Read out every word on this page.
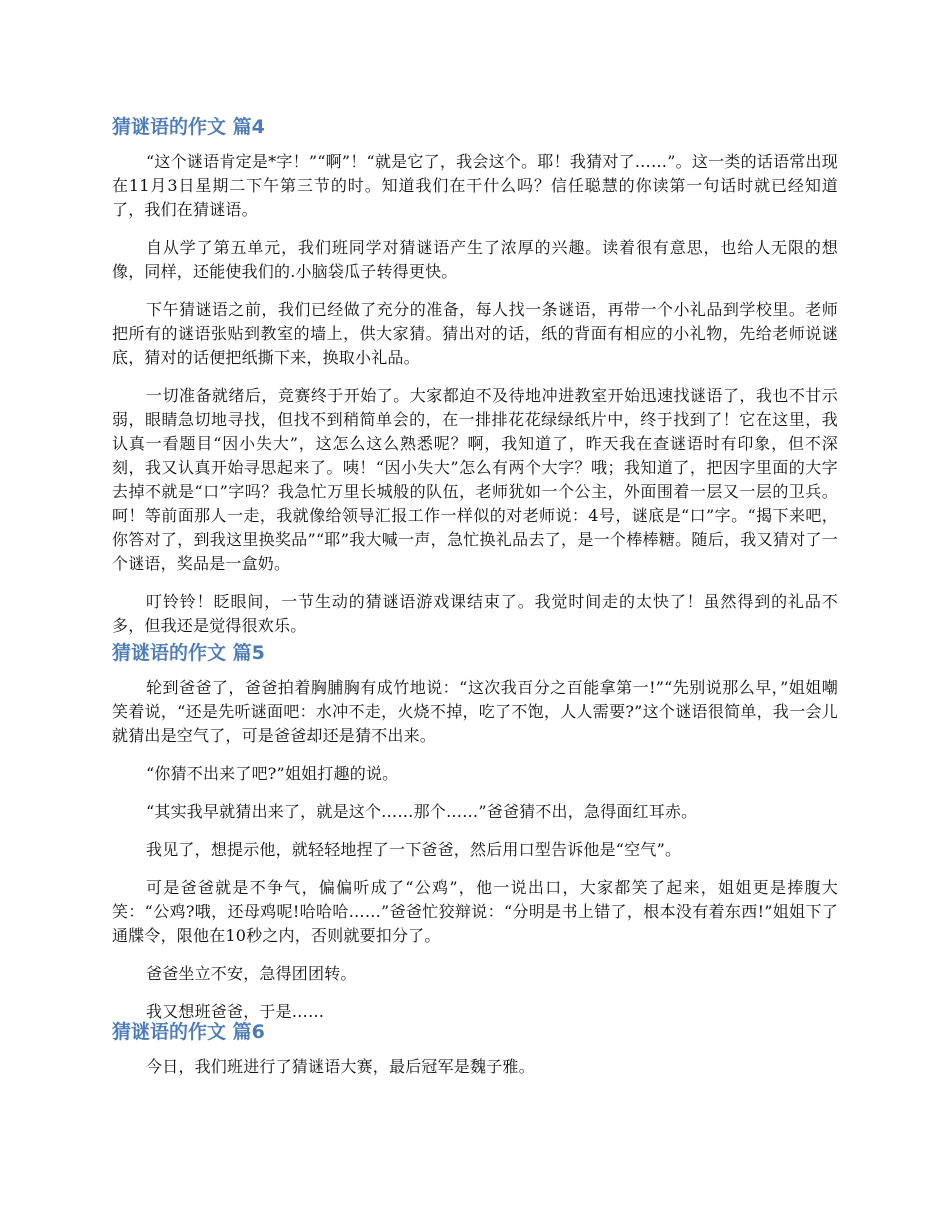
猜谜语的作文 篇4

“这个谜语肯定是*字！”“啊”！“就是它了，我会这个。耶！我猜对了……”。这一类的话语常出现在11月3日星期二下午第三节的时。知道我们在干什么吗？信任聪慧的你读第一句话时就已经知道了，我们在猜谜语。

自从学了第五单元，我们班同学对猜谜语产生了浓厚的兴趣。读着很有意思，也给人无限的想像，同样，还能使我们的.小脑袋瓜子转得更快。

下午猜谜语之前，我们已经做了充分的准备，每人找一条谜语，再带一个小礼品到学校里。老师把所有的谜语张贴到教室的墙上，供大家猜。猜出对的话，纸的背面有相应的小礼物，先给老师说谜底，猜对的话便把纸撕下来，换取小礼品。

一切准备就绪后，竞赛终于开始了。大家都迫不及待地冲进教室开始迅速找谜语了，我也不甘示弱，眼睛急切地寻找，但找不到稍简单会的，在一排排花花绿绿纸片中，终于找到了！它在这里，我认真一看题目“因小失大”，这怎么这么熟悉呢？啊，我知道了，昨天我在查谜语时有印象，但不深刻，我又认真开始寻思起来了。咦！“因小失大”怎么有两个大字？哦；我知道了，把因字里面的大字去掉不就是“口”字吗？我急忙万里长城般的队伍，老师犹如一个公主，外面围着一层又一层的卫兵。呵！等前面那人一走，我就像给领导汇报工作一样似的对老师说：4号，谜底是“口”字。“揭下来吧，你答对了，到我这里换奖品”“耶”我大喊一声，急忙换礼品去了，是一个棒棒糖。随后，我又猜对了一个谜语，奖品是一盒奶。

叮铃铃！眨眼间，一节生动的猜谜语游戏课结束了。我觉时间走的太快了！虽然得到的礼品不多，但我还是觉得很欢乐。

猜谜语的作文 篇5

轮到爸爸了，爸爸拍着胸脯胸有成竹地说：“这次我百分之百能拿第一!”“先别说那么早，”姐姐嘲笑着说，“还是先听谜面吧：水冲不走，火烧不掉，吃了不饱，人人需要?”这个谜语很简单，我一会儿就猜出是空气了，可是爸爸却还是猜不出来。

“你猜不出来了吧?”姐姐打趣的说。

“其实我早就猜出来了，就是这个……那个……”爸爸猜不出，急得面红耳赤。

我见了，想提示他，就轻轻地捏了一下爸爸，然后用口型告诉他是“空气”。

可是爸爸就是不争气，偏偏听成了“公鸡”，他一说出口，大家都笑了起来，姐姐更是捧腹大笑：“公鸡?哦，还母鸡呢!哈哈哈……”爸爸忙狡辩说：“分明是书上错了，根本没有着东西!”姐姐下了通牒令，限他在10秒之内，否则就要扣分了。

爸爸坐立不安，急得团团转。

我又想班爸爸，于是……

猜谜语的作文 篇6

今日，我们班进行了猜谜语大赛，最后冠军是魏子雅。
